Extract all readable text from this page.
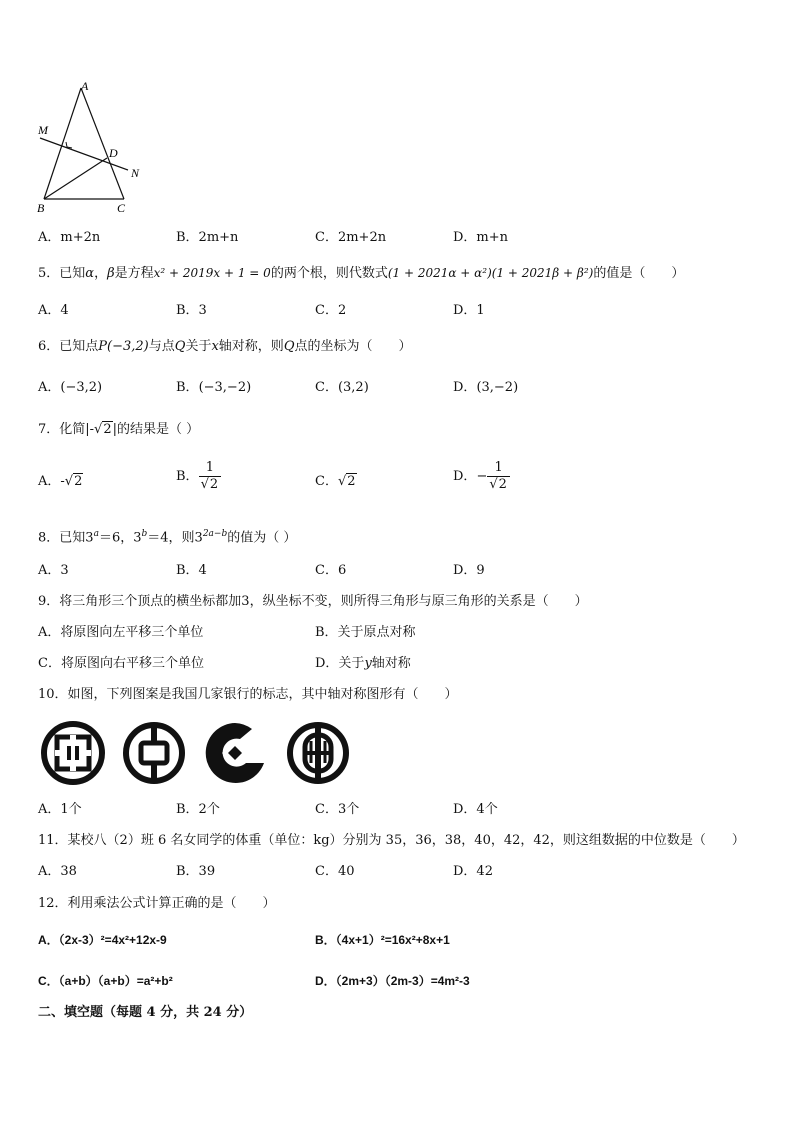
A
M
D
N
B	C
A．m+2n	B．2m+n	C．2m+2n	D．m+n
5．已知α，β是方程x² + 2019x + 1 = 0的两个根，则代数式(1 + 2021α + α²)(1 + 2021β + β²)的值是（　　）
A．4	B．3	C．2	D．1
6．已知点P(−3,2)与点Q关于x轴对称，则Q点的坐标为（　　）
A．(−3,2)	B．(−3,−2)	C．(3,2)	D．(3,−2)
7．化简|-√2|的结果是（ ）
A．-√2	B． $\frac{1}{√2}$	C．√2	D．− $\frac{1}{√2}$
8．已知$3^a=6$，$3^b=4$，则$3^{2a-b}$的值为（ ）
A．3	B．4	C．6	D．9
9．将三角形三个顶点的横坐标都加3，纵坐标不变，则所得三角形与原三角形的关系是（　　）
A．将原图向左平移三个单位	B．关于原点对称
C．将原图向右平移三个单位	D．关于y轴对称
10．如图，下列图案是我国几家银行的标志，其中轴对称图形有（　　）
A．1个	B．2个	C．3个	D．4个
11．某校八（2）班 6 名女同学的体重（单位：kg）分别为 35，36，38，40，42，42，则这组数据的中位数是（　　）
A．38	B．39	C．40	D．42
12．利用乘法公式计算正确的是（　　）
A．（2x-3）²=4x²+12x-9	B．（4x+1）²=16x²+8x+1
C．（a+b）（a+b）=a²+b²	D．（2m+3）（2m-3）=4m²-3
二、填空题（每题 4 分，共 24 分）
